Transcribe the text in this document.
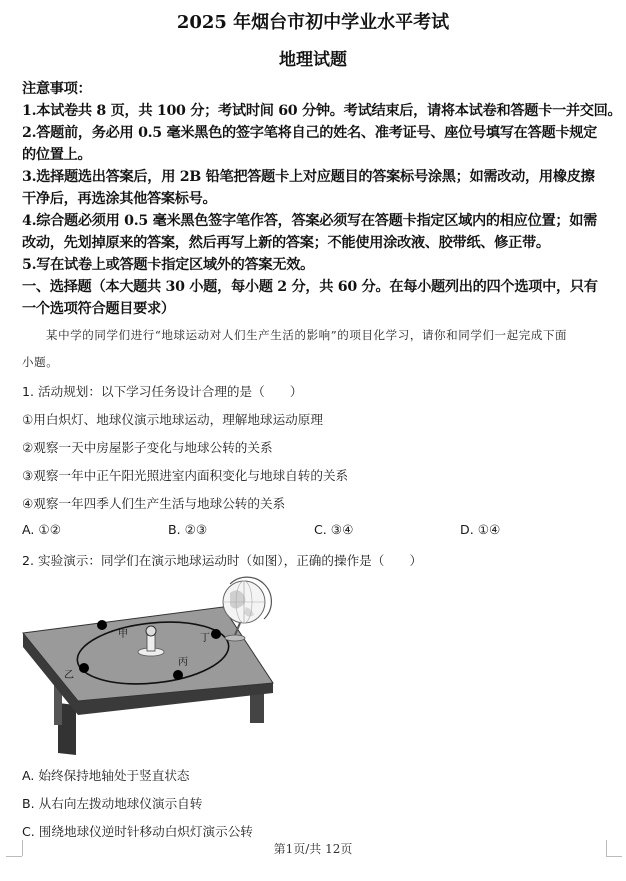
2025 年烟台市初中学业水平考试
地理试题
注意事项：
1.本试卷共 8 页，共 100 分；考试时间 60 分钟。考试结束后，请将本试卷和答题卡一并交回。
2.答题前，务必用 0.5 毫米黑色的签字笔将自己的姓名、准考证号、座位号填写在答题卡规定
的位置上。
3.选择题选出答案后，用 2B 铅笔把答题卡上对应题目的答案标号涂黑；如需改动，用橡皮擦
干净后，再选涂其他答案标号。
4.综合题必须用 0.5 毫米黑色签字笔作答，答案必须写在答题卡指定区域内的相应位置；如需
改动，先划掉原来的答案，然后再写上新的答案；不能使用涂改液、胶带纸、修正带。
5.写在试卷上或答题卡指定区域外的答案无效。
一、选择题（本大题共 30 小题，每小题 2 分，共 60 分。在每小题列出的四个选项中，只有
一个选项符合题目要求）
某中学的同学们进行“地球运动对人们生产生活的影响”的项目化学习，请你和同学们一起完成下面
小题。
1. 活动规划：以下学习任务设计合理的是（　　）
①用白炽灯、地球仪演示地球运动，理解地球运动原理
②观察一天中房屋影子变化与地球公转的关系
③观察一年中正午阳光照进室内面积变化与地球自转的关系
④观察一年四季人们生产生活与地球公转的关系
A. ①②	B. ②③	C. ③④	D. ①④
2. 实验演示：同学们在演示地球运动时（如图），正确的操作是（　　）
甲	丁
乙
丙
A. 始终保持地轴处于竖直状态
B. 从右向左拨动地球仪演示自转
C. 围绕地球仪逆时针移动白炽灯演示公转
第1页/共 12页
